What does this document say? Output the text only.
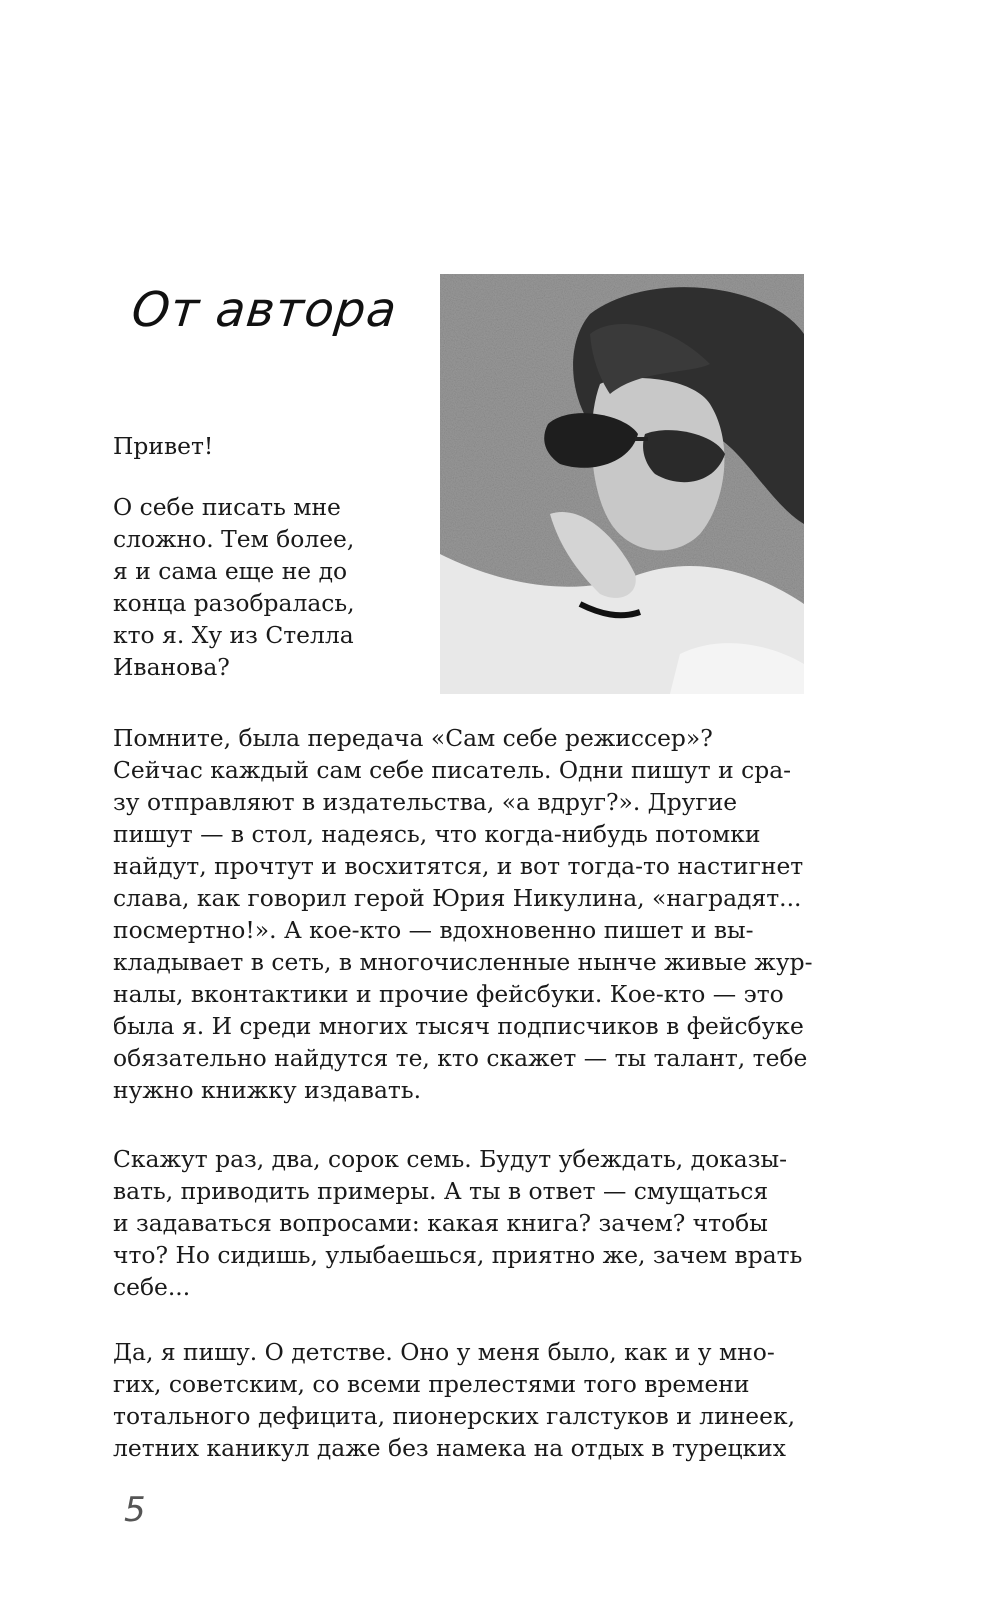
От автора

Привет!

О себе писать мне

сложно. Тем более,

я и сама еще не до

конца разобралась,

кто я. Ху из Стелла

Иванова?

Помните, была передача «Сам себе режиссер»?

Сейчас каждый сам себе писатель. Одни пишут и сра-

зу отправляют в издательства, «а вдруг?». Другие

пишут — в стол, надеясь, что когда-нибудь потомки

найдут, прочтут и восхитятся, и вот тогда-то настигнет

слава, как говорил герой Юрия Никулина, «наградят...

посмертно!». А кое-кто — вдохновенно пишет и вы-

кладывает в сеть, в многочисленные нынче живые жур-

налы, вконтактики и прочие фейсбуки. Кое-кто — это

была я. И среди многих тысяч подписчиков в фейсбуке

обязательно найдутся те, кто скажет — ты талант, тебе

нужно книжку издавать.

Скажут раз, два, сорок семь. Будут убеждать, доказы-

вать, приводить примеры. А ты в ответ — смущаться

и задаваться вопросами: какая книга? зачем? чтобы

что? Но сидишь, улыбаешься, приятно же, зачем врать

себе...

Да, я пишу. О детстве. Оно у меня было, как и у мно-

гих, советским, со всеми прелестями того времени

тотального дефицита, пионерских галстуков и линеек,

летних каникул даже без намека на отдых в турецких

5
